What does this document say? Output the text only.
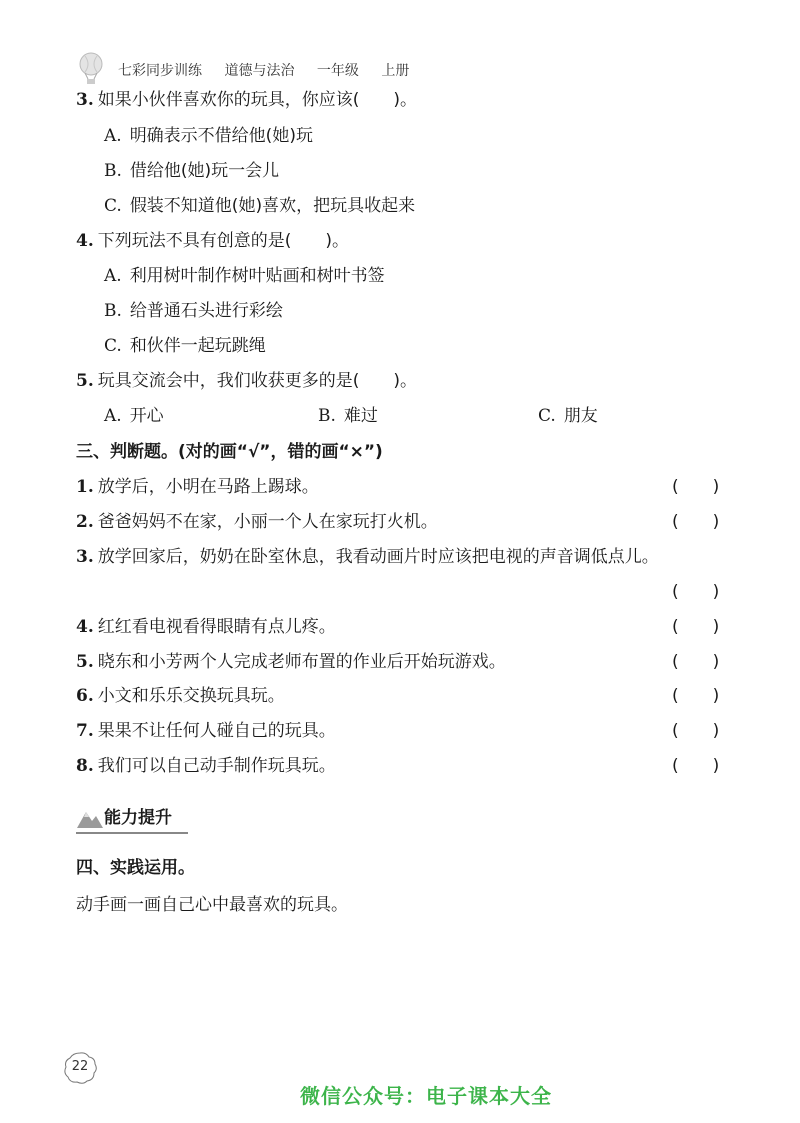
七彩同步训练 道德与法治 一年级 上册
3. 如果小伙伴喜欢你的玩具，你应该(　　)。
A. 明确表示不借给他(她)玩
B. 借给他(她)玩一会儿
C. 假装不知道他(她)喜欢，把玩具收起来
4. 下列玩法不具有创意的是(　　)。
A. 利用树叶制作树叶贴画和树叶书签
B. 给普通石头进行彩绘
C. 和伙伴一起玩跳绳
5. 玩具交流会中，我们收获更多的是(　　)。
A. 开心	B. 难过	C. 朋友
三、判断题。(对的画“√”，错的画“×”)
1. 放学后，小明在马路上踢球。	(　　)
2. 爸爸妈妈不在家，小丽一个人在家玩打火机。	(　　)
3. 放学回家后，奶奶在卧室休息，我看动画片时应该把电视的声音调低点儿。
(　　)
4. 红红看电视看得眼睛有点儿疼。	(　　)
5. 晓东和小芳两个人完成老师布置的作业后开始玩游戏。	(　　)
6. 小文和乐乐交换玩具玩。	(　　)
7. 果果不让任何人碰自己的玩具。	(　　)
8. 我们可以自己动手制作玩具玩。	(　　)
能力提升
四、实践运用。
动手画一画自己心中最喜欢的玩具。
22
微信公众号：电子课本大全
